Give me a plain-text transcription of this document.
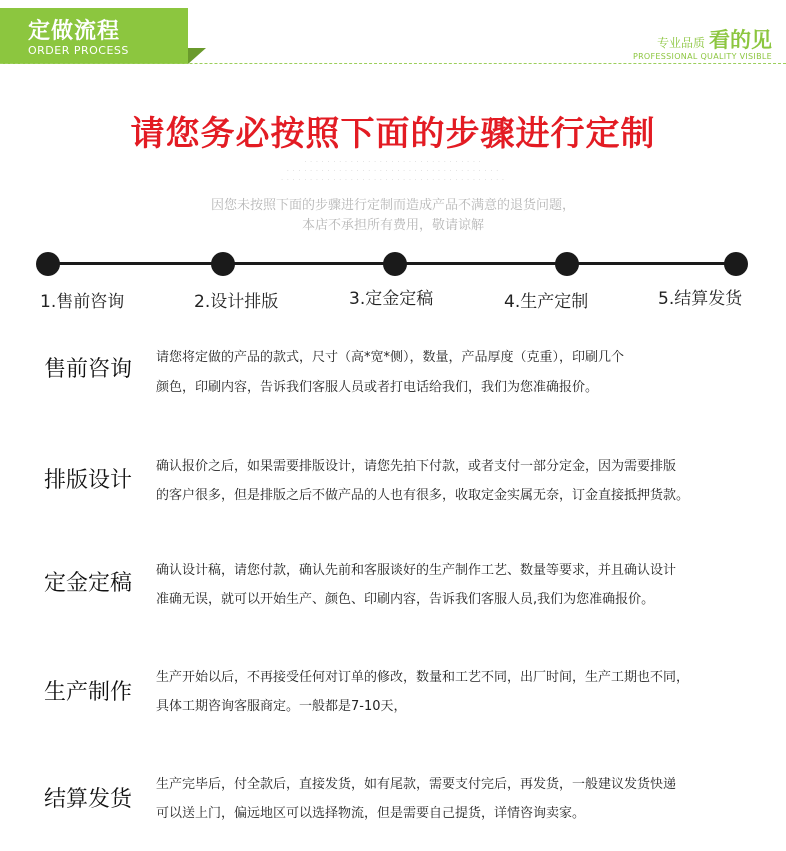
定做流程
ORDER PROCESS
专业品质 看的见
PROFESSIONAL QUALITY VISIBLE
请您务必按照下面的步骤进行定制
· · · · · · · · · · · · · · · · · · · · · · · · · · · · · · ·
· · · · · · · · · · · · · · · · · · · · · · · · · · · · · · · · · · · · ·
· · · · · · · · · · · · · · · · · · · · · · · · · · · · · · · · · · · · · · ·
因您未按照下面的步骤进行定制而造成产品不满意的退货问题，
本店不承担所有费用，敬请谅解
1.售前咨询	2.设计排版	3.定金定稿	4.生产定制	5.结算发货
售前咨询 请您将定做的产品的款式，尺寸（高*宽*侧），数量，产品厚度（克重），印刷几个
颜色，印刷内容，告诉我们客服人员或者打电话给我们，我们为您准确报价。
排版设计
确认报价之后，如果需要排版设计，请您先拍下付款，或者支付一部分定金，因为需要排版
的客户很多，但是排版之后不做产品的人也有很多，收取定金实属无奈，订金直接抵押货款。
定金定稿
确认设计稿，请您付款，确认先前和客服谈好的生产制作工艺、数量等要求，并且确认设计
准确无误，就可以开始生产、颜色、印刷内容，告诉我们客服人员,我们为您准确报价。
生产制作
生产开始以后，不再接受任何对订单的修改，数量和工艺不同，出厂时间，生产工期也不同，
具体工期咨询客服商定。一般都是7-10天，
结算发货
生产完毕后，付全款后，直接发货，如有尾款，需要支付完后，再发货，一般建议发货快递
可以送上门，偏远地区可以选择物流，但是需要自己提货，详情咨询卖家。
